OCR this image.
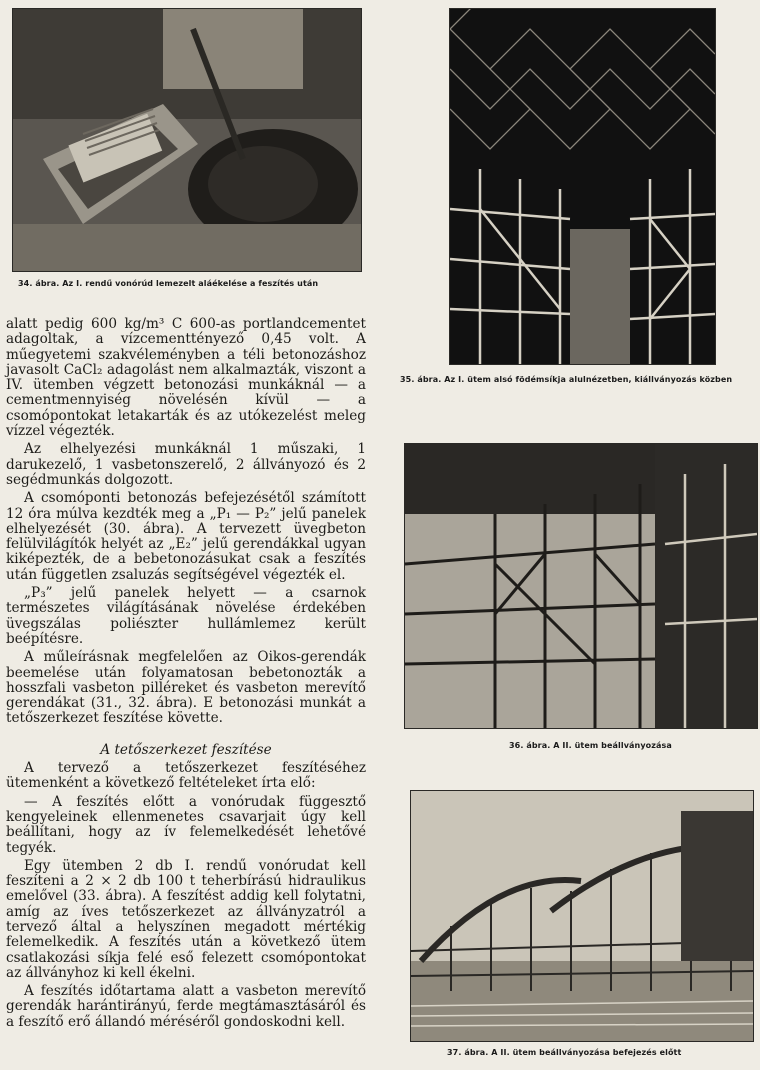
34. ábra. Az I. rendű vonórúd lemezelt aláékelése a feszítés után
35. ábra. Az I. ütem alsó födémsíkja alulnézetben, kiállványozás közben
36. ábra. A II. ütem beállványozása
37. ábra. A II. ütem beállványozása befejezés előtt

alatt pedig 600 kg/m³ C 600-as portlandcementet adagoltak, a vízcementtényező 0,45 volt. A műegyetemi szakvéleményben a téli betonozáshoz javasolt CaCl₂ adagolást nem alkalmazták, viszont a IV. ütemben végzett betonozási munkáknál — a cementmennyiség növelésén kívül — a csomópontokat letakarták és az utókezelést meleg vízzel végezték.

Az elhelyezési munkáknál 1 műszaki, 1 darukezelő, 1 vasbetonszerelő, 2 állványozó és 2 segédmunkás dolgozott.

A csomóponti betonozás befejezésétől számított 12 óra múlva kezdték meg a „P₁ — P₂” jelű panelek elhelyezését (30. ábra). A tervezett üvegbeton felülvilágítók helyét az „E₂” jelű gerendákkal ugyan kiképezték, de a bebetonozásukat csak a feszítés után független zsaluzás segítségével végezték el.

„P₃” jelű panelek helyett — a csarnok természetes világításának növelése érdekében üvegszálas poliészter hullámlemez került beépítésre.

A műleírásnak megfelelően az Oikos-gerendák beemelése után folyamatosan bebetonozták a hosszfali vasbeton pilléreket és vasbeton merevítő gerendákat (31., 32. ábra). E betonozási munkát a tetőszerkezet feszítése követte.

A tetőszerkezet feszítése

A tervező a tetőszerkezet feszítéséhez ütemenként a következő feltételeket írta elő:

— A feszítés előtt a vonórudak függesztő kengyeleinek ellenmenetes csavarjait úgy kell beállítani, hogy az ív felemelkedését lehetővé tegyék.

Egy ütemben 2 db I. rendű vonórudat kell feszíteni a 2 × 2 db 100 t teherbírású hidraulikus emelővel (33. ábra). A feszítést addig kell folytatni, amíg az íves tetőszerkezet az állványzatról a tervező által a helyszínen megadott mértékig felemelkedik. A feszítés után a következő ütem csatlakozási síkja felé eső felezett csomópontokat az állványhoz ki kell ékelni.

A feszítés időtartama alatt a vasbeton merevítő gerendák harántirányú, ferde megtámasztásáról és a feszítő erő állandó méréséről gondoskodni kell.
